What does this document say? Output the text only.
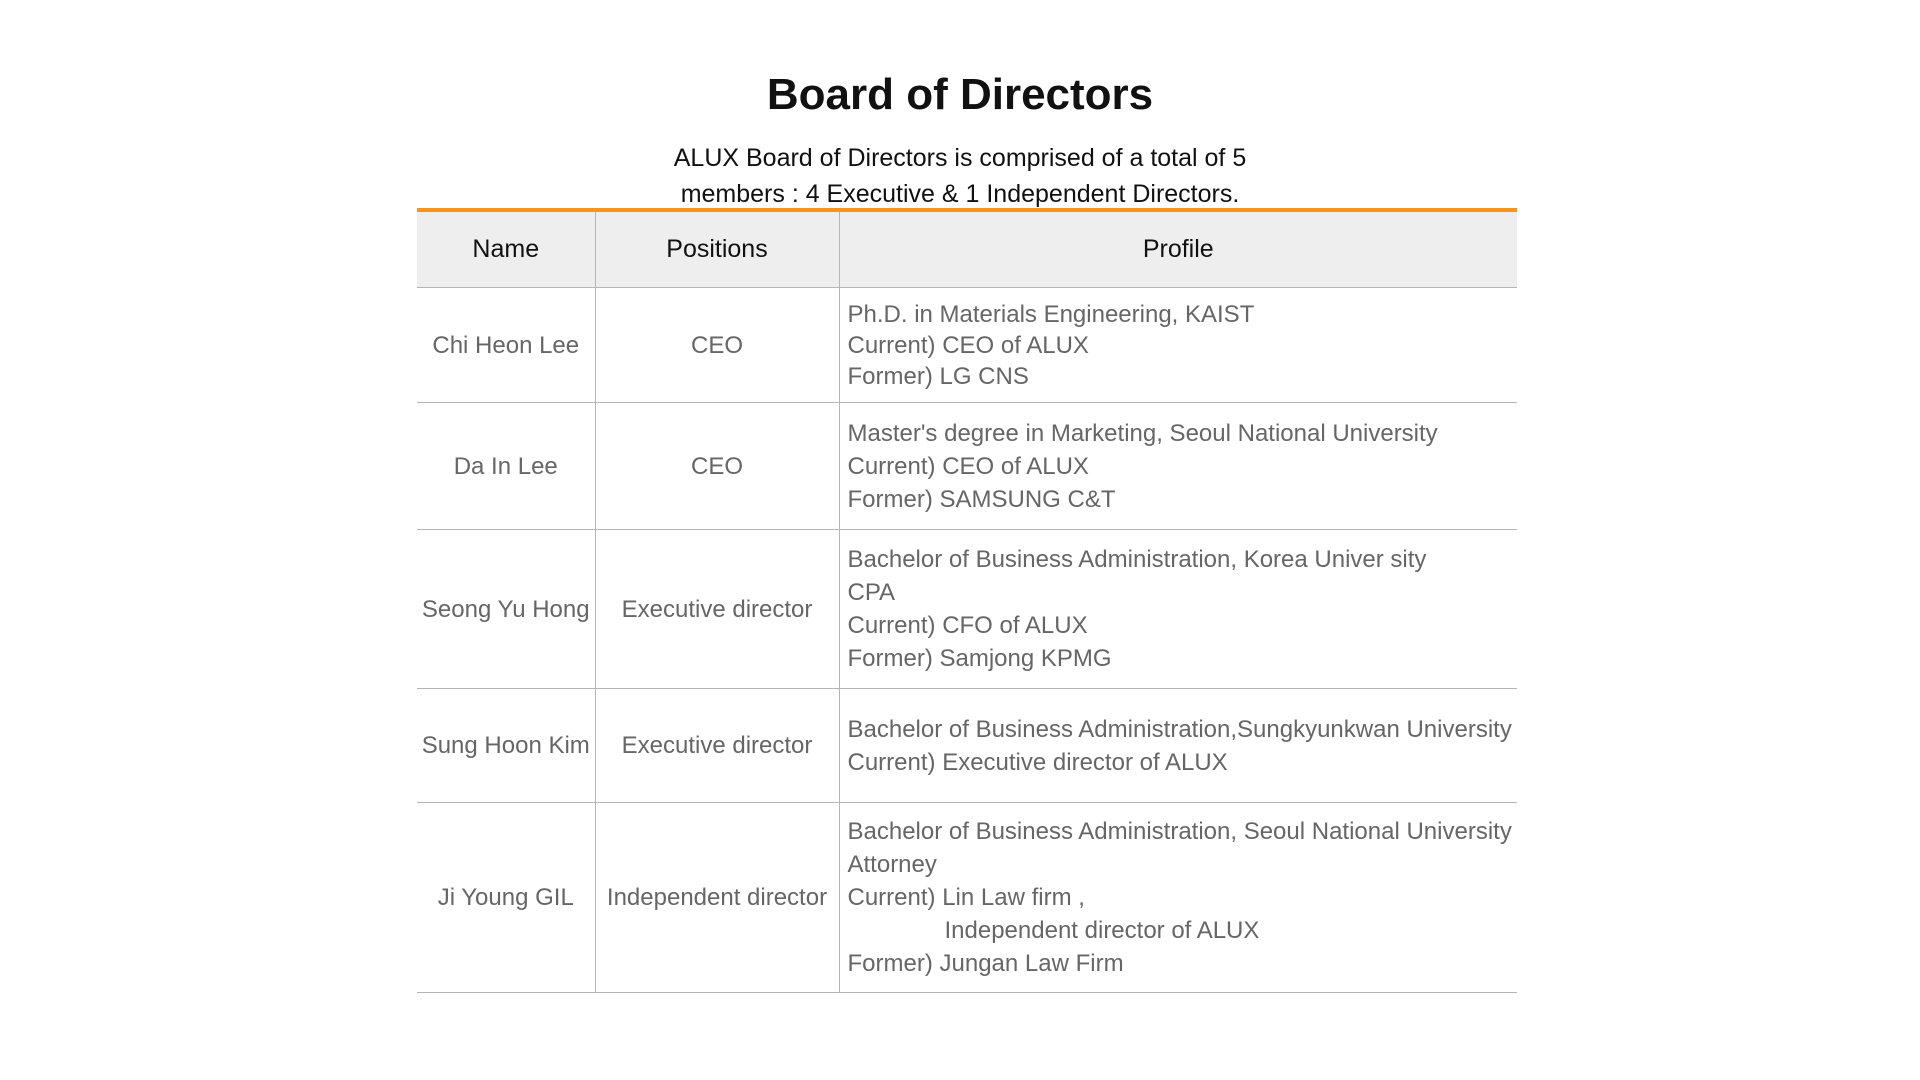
Board of Directors

ALUX Board of Directors is comprised of a total of 5
members : 4 Executive & 1 Independent Directors.

Name	Positions	Profile
Chi Heon Lee	CEO	Ph.D. in Materials Engineering, KAIST
Current) CEO of ALUX
Former) LG CNS

Da In Lee	CEO	Master's degree in Marketing, Seoul National University
Current) CEO of ALUX
Former) SAMSUNG C&T

Seong Yu Hong	Executive director	Bachelor of Business Administration, Korea Univer sity
CPA
Current) CFO of ALUX
Former) Samjong KPMG

Sung Hoon Kim	Executive director	Bachelor of Business Administration,Sungkyunkwan University
Current) Executive director of ALUX

Ji Young GIL	Independent director	Bachelor of Business Administration, Seoul National University
Attorney
Current) Lin Law firm ,
Independent director of ALUX
Former) Jungan Law Firm
